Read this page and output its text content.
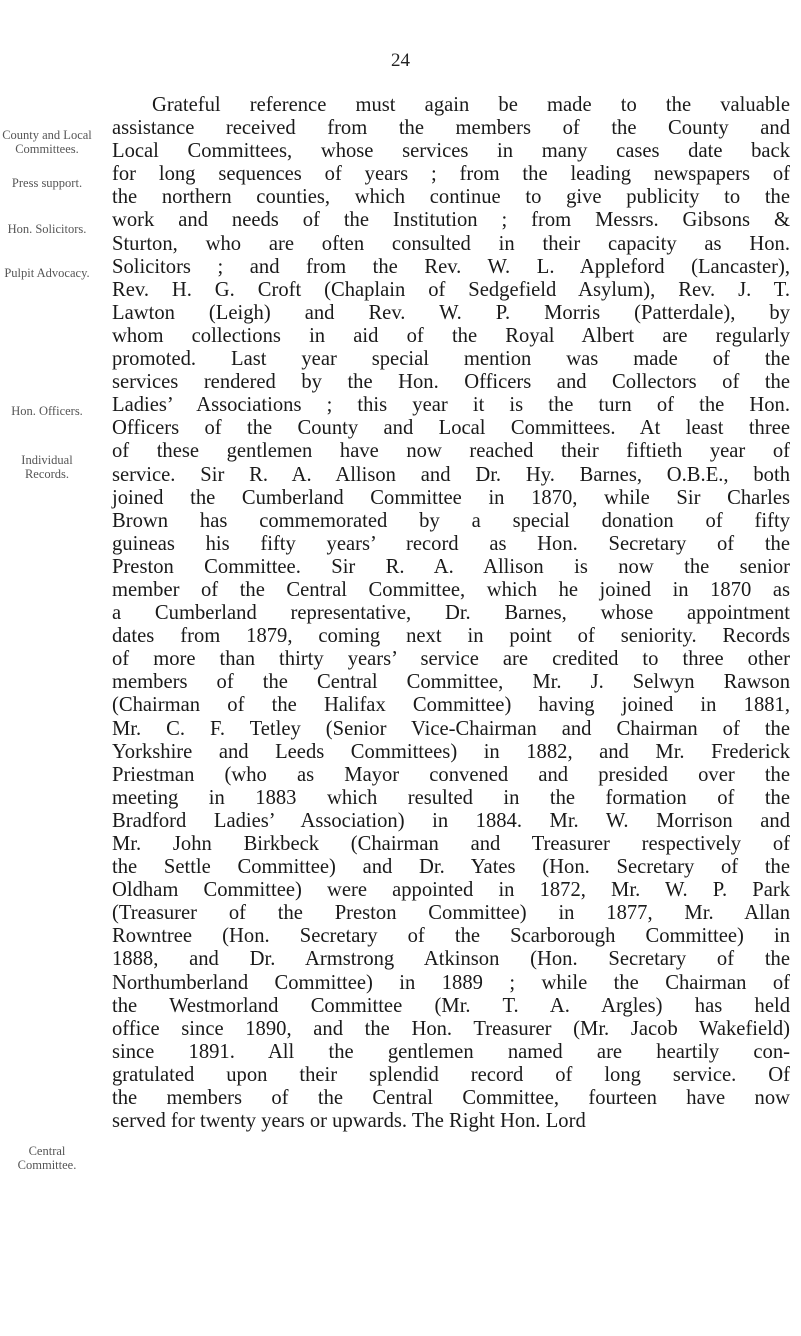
24
County and Local Committees.
Press support.
Hon. Solicitors.
Pulpit Advocacy.
Hon. Officers.
Individual Records.
Central Committee.
Grateful reference must again be made to the valuable
assistance received from the members of the County and
Local Committees, whose services in many cases date back
for long sequences of years ; from the leading newspapers of
the northern counties, which continue to give publicity to the
work and needs of the Institution ; from Messrs. Gibsons &
Sturton, who are often consulted in their capacity as Hon.
Solicitors ; and from the Rev. W. L. Appleford (Lancaster),
Rev. H. G. Croft (Chaplain of Sedgefield Asylum), Rev. J. T.
Lawton (Leigh) and Rev. W. P. Morris (Patterdale), by
whom collections in aid of the Royal Albert are regularly
promoted. Last year special mention was made of the
services rendered by the Hon. Officers and Collectors of the
Ladies’ Associations ; this year it is the turn of the Hon.
Officers of the County and Local Committees. At least three
of these gentlemen have now reached their fiftieth year of
service. Sir R. A. Allison and Dr. Hy. Barnes, O.B.E., both
joined the Cumberland Committee in 1870, while Sir Charles
Brown has commemorated by a special donation of fifty
guineas his fifty years’ record as Hon. Secretary of the
Preston Committee. Sir R. A. Allison is now the senior
member of the Central Committee, which he joined in 1870 as
a Cumberland representative, Dr. Barnes, whose appointment
dates from 1879, coming next in point of seniority. Records
of more than thirty years’ service are credited to three other
members of the Central Committee, Mr. J. Selwyn Rawson
(Chairman of the Halifax Committee) having joined in 1881,
Mr. C. F. Tetley (Senior Vice-Chairman and Chairman of the
Yorkshire and Leeds Committees) in 1882, and Mr. Frederick
Priestman (who as Mayor convened and presided over the
meeting in 1883 which resulted in the formation of the
Bradford Ladies’ Association) in 1884. Mr. W. Morrison and
Mr. John Birkbeck (Chairman and Treasurer respectively of
the Settle Committee) and Dr. Yates (Hon. Secretary of the
Oldham Committee) were appointed in 1872, Mr. W. P. Park
(Treasurer of the Preston Committee) in 1877, Mr. Allan
Rowntree (Hon. Secretary of the Scarborough Committee) in
1888, and Dr. Armstrong Atkinson (Hon. Secretary of the
Northumberland Committee) in 1889 ; while the Chairman of
the Westmorland Committee (Mr. T. A. Argles) has held
office since 1890, and the Hon. Treasurer (Mr. Jacob Wakefield)
since 1891. All the gentlemen named are heartily con-
gratulated upon their splendid record of long service. Of
the members of the Central Committee, fourteen have now
served for twenty years or upwards. The Right Hon. Lord
